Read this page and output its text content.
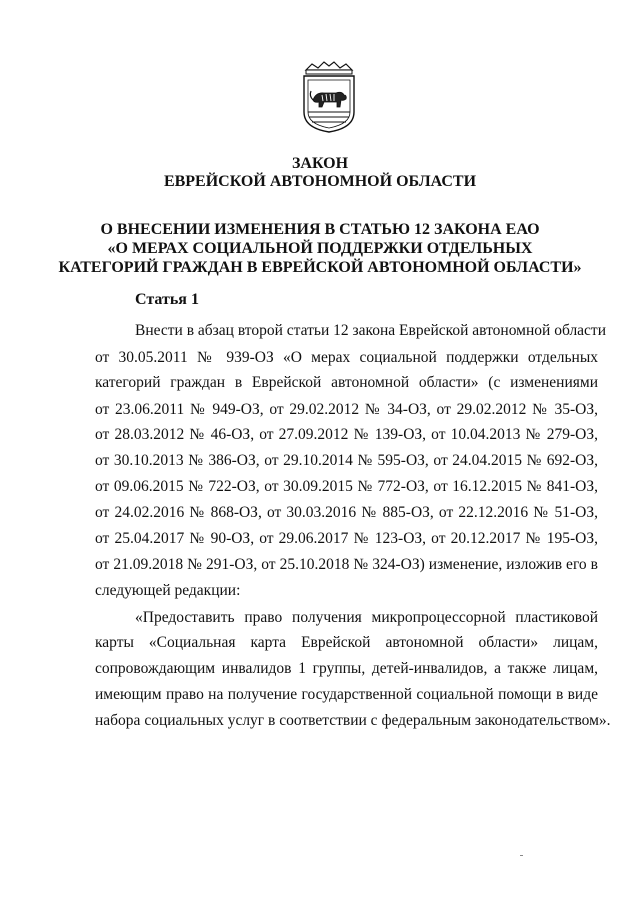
ЗАКОН
ЕВРЕЙСКОЙ АВТОНОМНОЙ ОБЛАСТИ
О ВНЕСЕНИИ ИЗМЕНЕНИЯ В СТАТЬЮ 12 ЗАКОНА ЕАО
«О МЕРАХ СОЦИАЛЬНОЙ ПОДДЕРЖКИ ОТДЕЛЬНЫХ
КАТЕГОРИЙ ГРАЖДАН В ЕВРЕЙСКОЙ АВТОНОМНОЙ ОБЛАСТИ»
Статья 1
Внести в абзац второй статьи 12 закона Еврейской автономной области
от 30.05.2011 № 939-ОЗ «О мерах социальной поддержки отдельных
категорий граждан в Еврейской автономной области» (с изменениями
от 23.06.2011 № 949-ОЗ, от 29.02.2012 № 34-ОЗ, от 29.02.2012 № 35-ОЗ,
от 28.03.2012 № 46-ОЗ, от 27.09.2012 № 139-ОЗ, от 10.04.2013 № 279-ОЗ,
от 30.10.2013 № 386-ОЗ, от 29.10.2014 № 595-ОЗ, от 24.04.2015 № 692-ОЗ,
от 09.06.2015 № 722-ОЗ, от 30.09.2015 № 772-ОЗ, от 16.12.2015 № 841-ОЗ,
от 24.02.2016 № 868-ОЗ, от 30.03.2016 № 885-ОЗ, от 22.12.2016 № 51-ОЗ,
от 25.04.2017 № 90-ОЗ, от 29.06.2017 № 123-ОЗ, от 20.12.2017 № 195-ОЗ,
от 21.09.2018 № 291-ОЗ, от 25.10.2018 № 324-ОЗ) изменение, изложив его в
следующей редакции:
«Предоставить право получения микропроцессорной пластиковой
карты «Социальная карта Еврейской автономной области» лицам,
сопровождающим инвалидов 1 группы, детей-инвалидов, а также лицам,
имеющим право на получение государственной социальной помощи в виде
набора социальных услуг в соответствии с федеральным законодательством».
